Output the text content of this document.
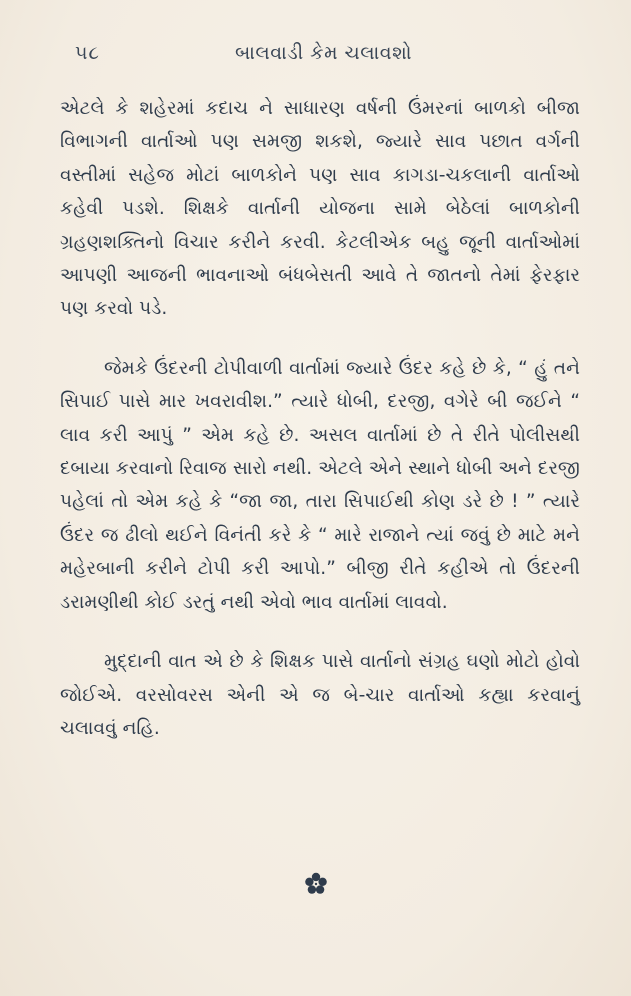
૫૮	બાલવાડી કેમ ચલાવશો

એટલે કે શહેરમાં કદાચ ને સાધારણ વર્ષની ઉંમરનાં બાળકો બીજા વિભાગની વાર્તાઓ પણ સમજી શકશે, જ્યારે સાવ પછાત વર્ગની વસ્તીમાં સહેજ મોટાં બાળકોને પણ સાવ કાગડા-ચકલાની વાર્તાઓ કહેવી પડશે. શિક્ષકે વાર્તાની યોજના સામે બેઠેલાં બાળકોની ગ્રહણશક્તિનો વિચાર કરીને કરવી. કેટલીએક બહુ જૂની વાર્તાઓમાં આપણી આજની ભાવનાઓ બંધબેસતી આવે તે જાતનો તેમાં ફેરફાર પણ કરવો પડે.

જેમકે ઉંદરની ટોપીવાળી વાર્તામાં જ્યારે ઉંદર કહે છે કે, “ હું તને સિપાઈ પાસે માર ખવરાવીશ.” ત્યારે ધોબી, દરજી, વગેરે બી જઈને “ લાવ કરી આપું ” એમ કહે છે. અસલ વાર્તામાં છે તે રીતે પોલીસથી દબાયા કરવાનો રિવાજ સારો નથી. એટલે એને સ્થાને ધોબી અને દરજી પહેલાં તો એમ કહે કે “જા જા, તારા સિપાઈથી કોણ ડરે છે ! ” ત્યારે ઉંદર જ ઢીલો થઈને વિનંતી કરે કે “ મારે રાજાને ત્યાં જવું છે માટે મને મહેરબાની કરીને ટોપી કરી આપો.” બીજી રીતે કહીએ તો ઉંદરની ડરામણીથી કોઈ ડરતું નથી એવો ભાવ વાર્તામાં લાવવો.

મુદ્દાની વાત એ છે કે શિક્ષક પાસે વાર્તાનો સંગ્રહ ઘણો મોટો હોવો જોઈએ. વરસોવરસ એની એ જ બે-ચાર વાર્તાઓ કહ્યા કરવાનું ચલાવવું નહિ.
